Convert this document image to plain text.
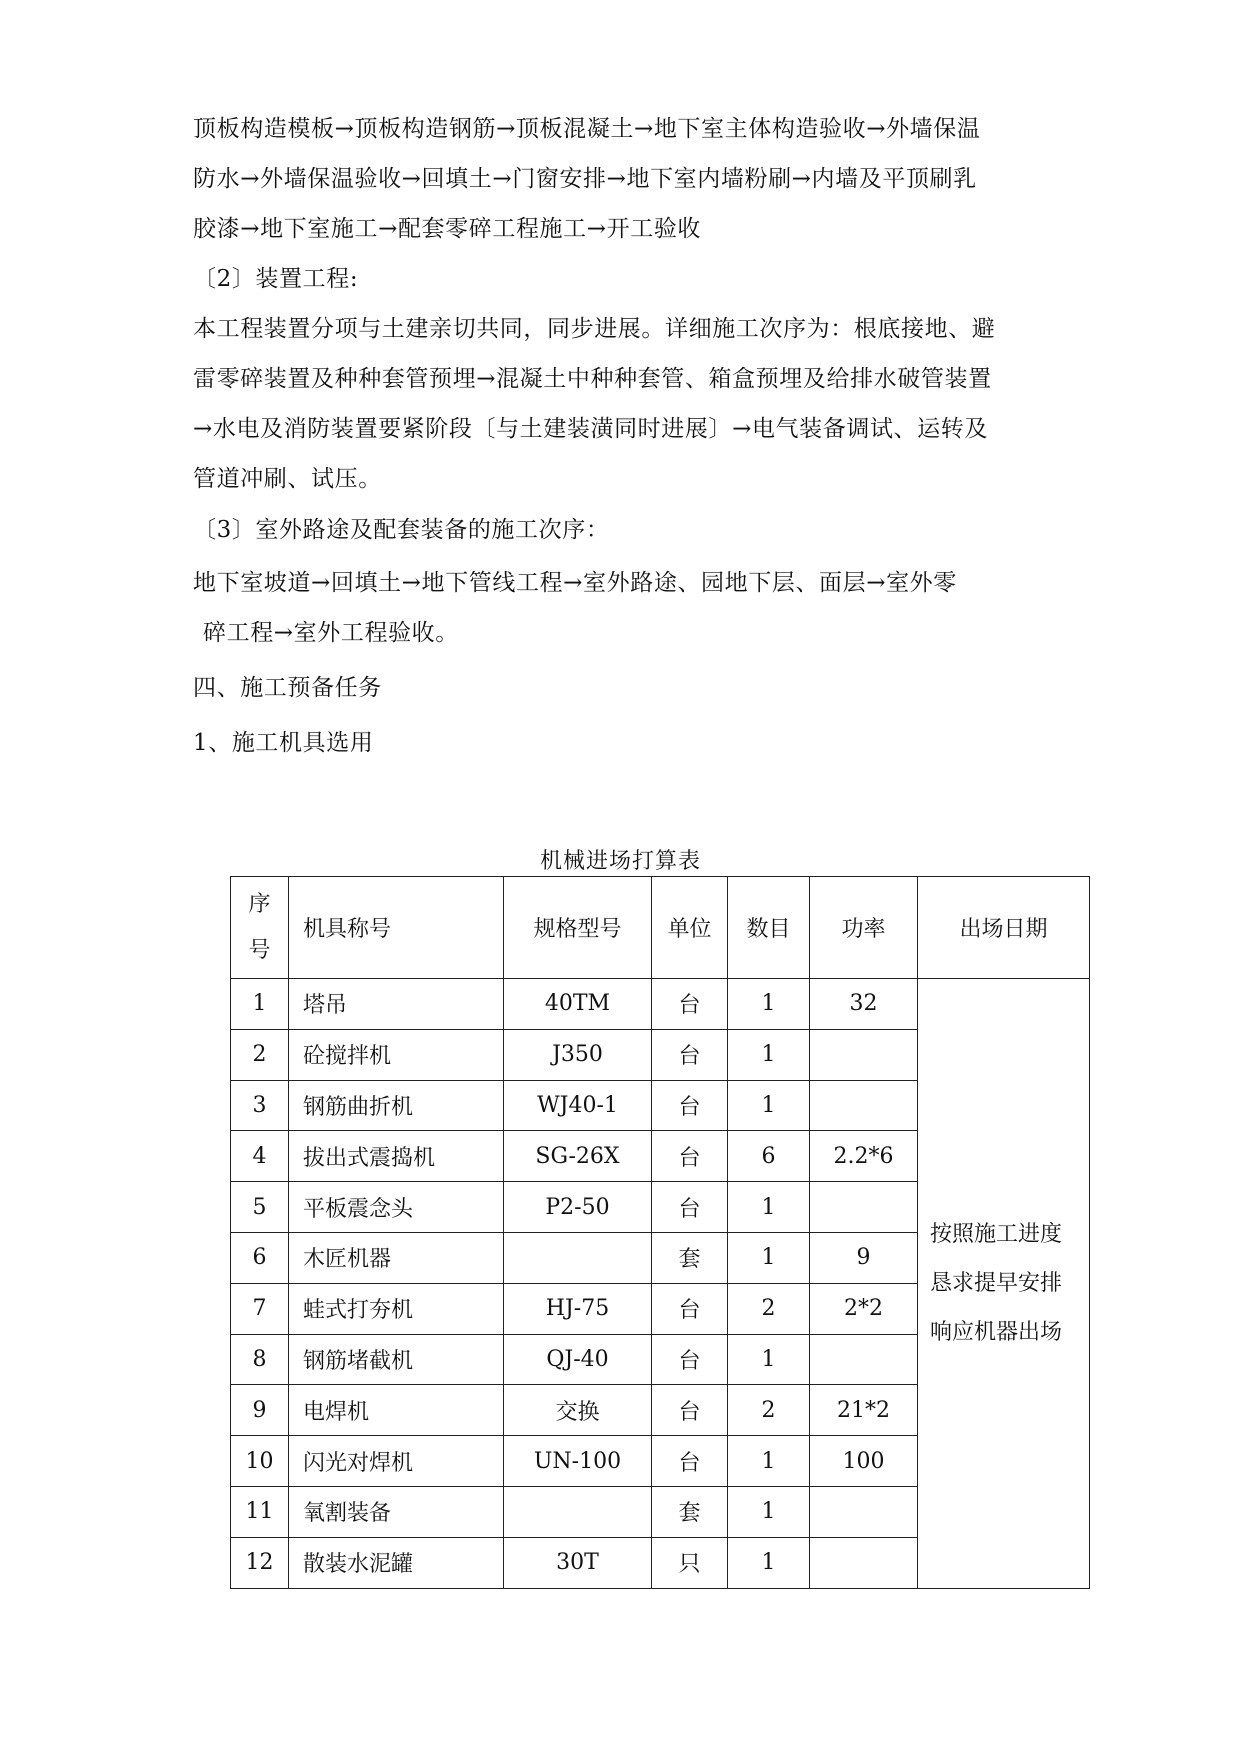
顶板构造模板→顶板构造钢筋→顶板混凝土→地下室主体构造验收→外墙保温
防水→外墙保温验收→回填土→门窗安排→地下室内墙粉刷→内墙及平顶刷乳
胶漆→地下室施工→配套零碎工程施工→开工验收
〔2〕装置工程:
本工程装置分项与土建亲切共同，同步进展。详细施工次序为：根底接地、避
雷零碎装置及种种套管预埋→混凝土中种种套管、箱盒预埋及给排水破管装置
→水电及消防装置要紧阶段〔与土建装潢同时进展〕→电气装备调试、运转及
管道冲刷、试压。
〔3〕室外路途及配套装备的施工次序：
地下室坡道→回填土→地下管线工程→室外路途、园地下层、面层→室外零
碎工程→室外工程验收。
四、施工预备任务
1、施工机具选用
机械进场打算表
序
号	机具称号	规格型号	单位	数目	功率	出场日期
1	塔吊	40TM	台	1	32	按照施工进度
恳求提早安排
响应机器出场
2	砼搅拌机	J350	台	1		
3	钢筋曲折机	WJ40-1	台	1		
4	拔出式震捣机	SG-26X	台	6	2.2*6	
5	平板震念头	P2-50	台	1		
6	木匠机器		套	1	9	
7	蛙式打夯机	HJ-75	台	2	2*2	
8	钢筋堵截机	QJ-40	台	1		
9	电焊机	交换	台	2	21*2	
10	闪光对焊机	UN-100	台	1	100	
11	氧割装备		套	1		
12	散装水泥罐	30T	只	1		
